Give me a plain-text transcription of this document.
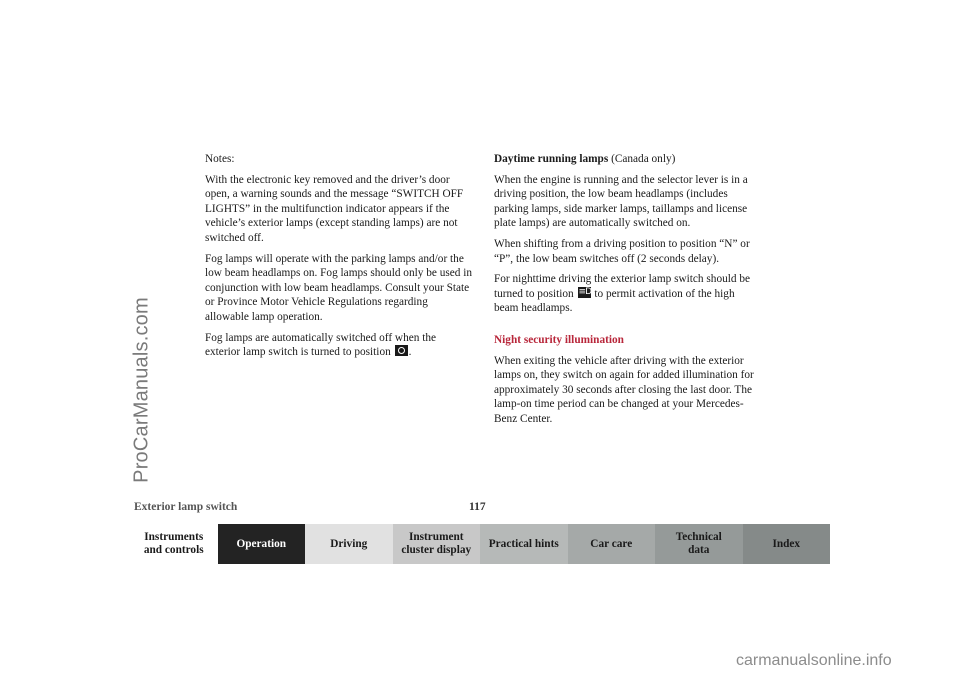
ProCarManuals.com

Notes:

With the electronic key removed and the driver’s door open, a warning sounds and the message “SWITCH OFF LIGHTS” in the multifunction indicator appears if the vehicle’s exterior lamps (except standing lamps) are not switched off.

Fog lamps will operate with the parking lamps and/or the low beam headlamps on. Fog lamps should only be used in conjunction with low beam headlamps. Consult your State or Province Motor Vehicle Regulations regarding allowable lamp operation.

Fog lamps are automatically switched off when the exterior lamp switch is turned to position .

Daytime running lamps (Canada only)

When the engine is running and the selector lever is in a driving position, the low beam headlamps (includes parking lamps, side marker lamps, taillamps and license plate lamps) are automatically switched on.

When shifting from a driving position to position “N” or “P”, the low beam switches off (2 seconds delay).

For nighttime driving the exterior lamp switch should be turned to position ≡D to permit activation of the high beam headlamps.

Night security illumination

When exiting the vehicle after driving with the exterior lamps on, they switch on again for added illumination for approximately 30 seconds after closing the last door. The lamp-on time period can be changed at your Mercedes-Benz Center.

Exterior lamp switch	117
Instruments
and controls
Operation	Driving
Instrument
cluster display
Practical hints	Car care
Technical
data
Index
carmanualsonline.info
